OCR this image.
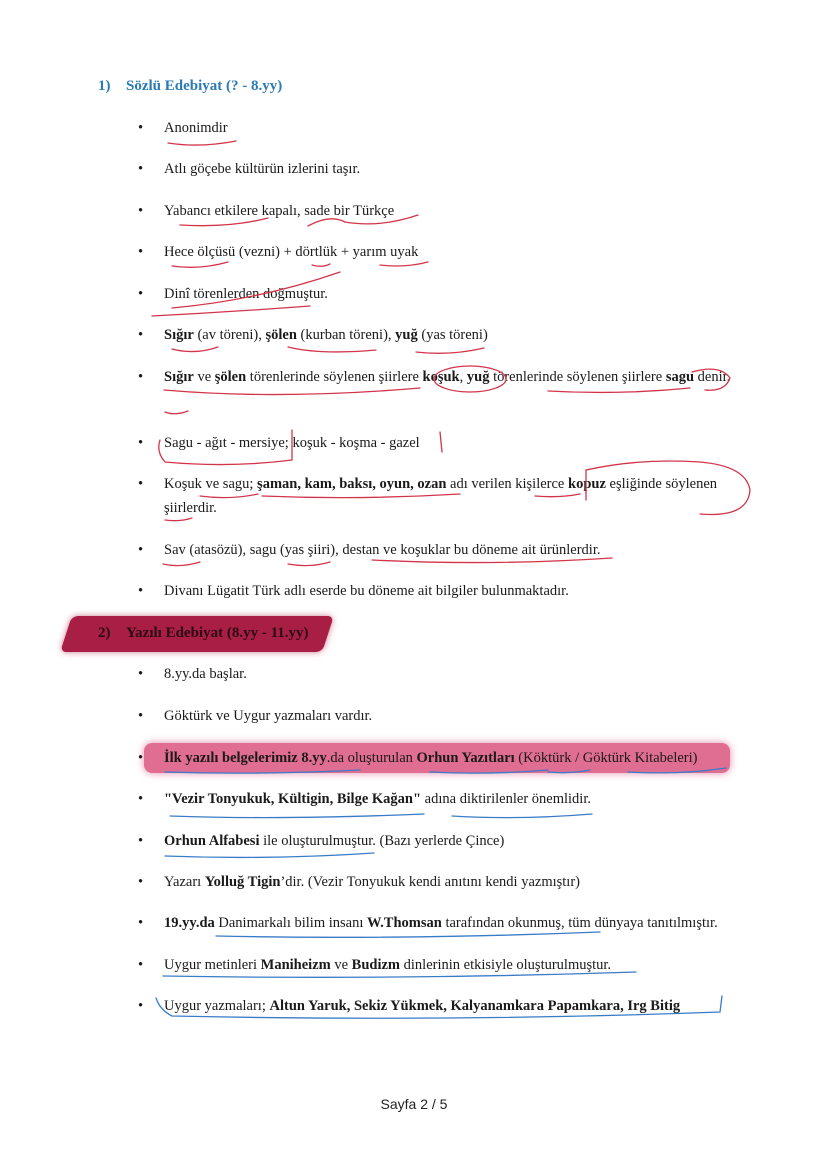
1) Sözlü Edebiyat (? - 8.yy)
•	Anonimdir
•	Atlı göçebe kültürün izlerini taşır.
•	Yabancı etkilere kapalı, sade bir Türkçe
•	Hece ölçüsü (vezni) + dörtlük + yarım uyak
•	Dinî törenlerden doğmuştur.
•	Sığır (av töreni), şölen (kurban töreni), yuğ (yas töreni)
•	Sığır ve şölen törenlerinde söylenen şiirlere koşuk, yuğ törenlerinde söylenen şiirlere sagu denir.
•	Sagu - ağıt - mersiye; koşuk - koşma - gazel
•	Koşuk ve sagu; şaman, kam, baksı, oyun, ozan adı verilen kişilerce kopuz eşliğinde söylenen şiirlerdir.
•	Sav (atasözü), sagu (yas şiiri), destan ve koşuklar bu döneme ait ürünlerdir.
•	Divanı Lügatit Türk adlı eserde bu döneme ait bilgiler bulunmaktadır.
2) Yazılı Edebiyat (8.yy - 11.yy)
•	8.yy.da başlar.
•	Göktürk ve Uygur yazmaları vardır.
•	İlk yazılı belgelerimiz 8.yy.da oluşturulan Orhun Yazıtları (Köktürk / Göktürk Kitabeleri)
•	"Vezir Tonyukuk, Kültigin, Bilge Kağan" adına diktirilenler önemlidir.
•	Orhun Alfabesi ile oluşturulmuştur. (Bazı yerlerde Çince)
•	Yazarı Yolluğ Tigin’dir. (Vezir Tonyukuk kendi anıtını kendi yazmıştır)
•	19.yy.da Danimarkalı bilim insanı W.Thomsan tarafından okunmuş, tüm dünyaya tanıtılmıştır.
•	Uygur metinleri Maniheizm ve Budizm dinlerinin etkisiyle oluşturulmuştur.
•	Uygur yazmaları; Altun Yaruk, Sekiz Yükmek, Kalyanamkara Papamkara, Irg Bitig
Sayfa 2 / 5
